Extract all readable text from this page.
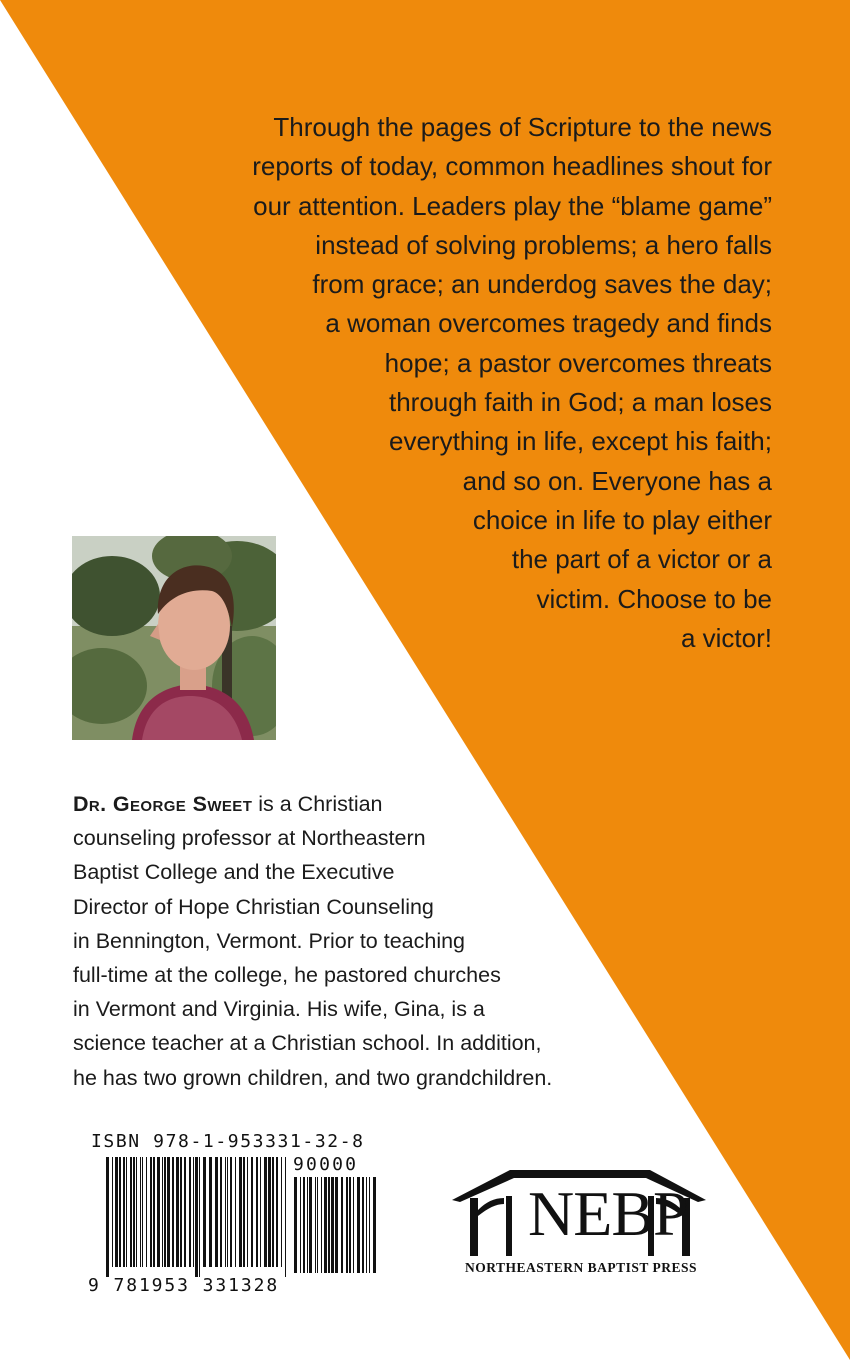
Through the pages of Scripture to the news
reports of today, common headlines shout for
our attention. Leaders play the “blame game”
instead of solving problems; a hero falls
from grace; an underdog saves the day;
a woman overcomes tragedy and finds
hope; a pastor overcomes threats
through faith in God; a man loses
everything in life, except his faith;
and so on. Everyone has a
choice in life to play either
the part of a victor or a
victim. Choose to be
a victor!
Dr. George Sweet is a Christian
counseling professor at Northeastern
Baptist College and the Executive
Director of Hope Christian Counseling
in Bennington, Vermont. Prior to teaching
full-time at the college, he pastored churches
in Vermont and Virginia. His wife, Gina, is a
science teacher at a Christian school. In addition,
he has two grown children, and two grandchildren.
ISBN 978-1-953331-32-8
90000
9 781953 331328
NEBP
NORTHEASTERN BAPTIST PRESS
